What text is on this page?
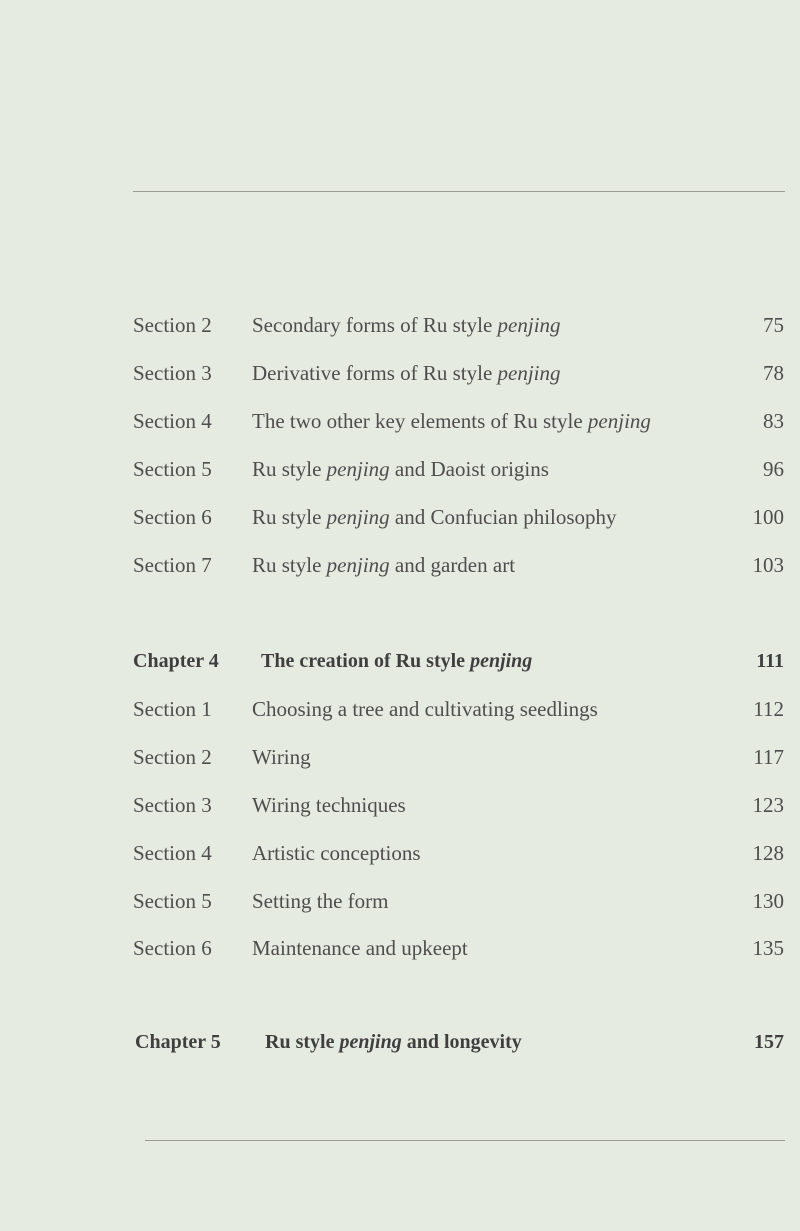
Section 2 Secondary forms of Ru style penjing	75
Section 3 Derivative forms of Ru style penjing	78
Section 4 The two other key elements of Ru style penjing	83
Section 5 Ru style penjing and Daoist origins	96
Section 6 Ru style penjing and Confucian philosophy	100
Section 7 Ru style penjing and garden art	103
Chapter 4 The creation of Ru style penjing	111
Section 1 Choosing a tree and cultivating seedlings	112
Section 2 Wiring	117
Section 3 Wiring techniques	123
Section 4 Artistic conceptions	128
Section 5 Setting the form	130
Section 6 Maintenance and upkeept	135
Chapter 5 Ru style penjing and longevity	157
